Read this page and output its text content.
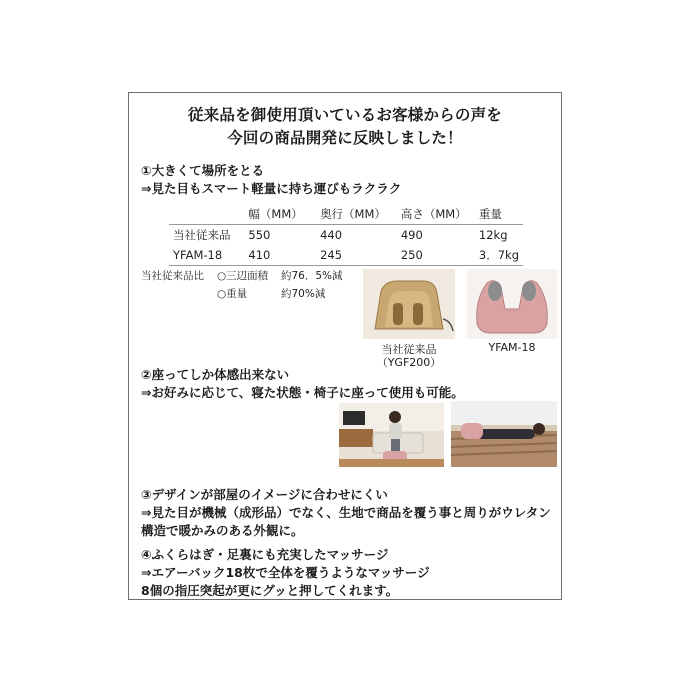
従来品を御使用頂いているお客様からの声を
今回の商品開発に反映しました！
①大きくて場所をとる
⇒見た目もスマート軽量に持ち運びもラクラク
	幅（MM）	奥行（MM）	高さ（MM）	重量
当社従来品	550	440	490	12kg
YFAM-18	410	245	250	3．7kg
当社従来品比 ○三辺面積 約76．5%減
○重量	約70%減
当社従来品
（YGF200）
YFAM-18
②座ってしか体感出来ない
⇒お好みに応じて、寝た状態・椅子に座って使用も可能。
③デザインが部屋のイメージに合わせにくい
⇒見た目が機械（成形品）でなく、生地で商品を覆う事と周りがウレタン
構造で暖かみのある外観に。
④ふくらはぎ・足裏にも充実したマッサージ
⇒エアーバック18枚で全体を覆うようなマッサージ
8個の指圧突起が更にグッと押してくれます。
